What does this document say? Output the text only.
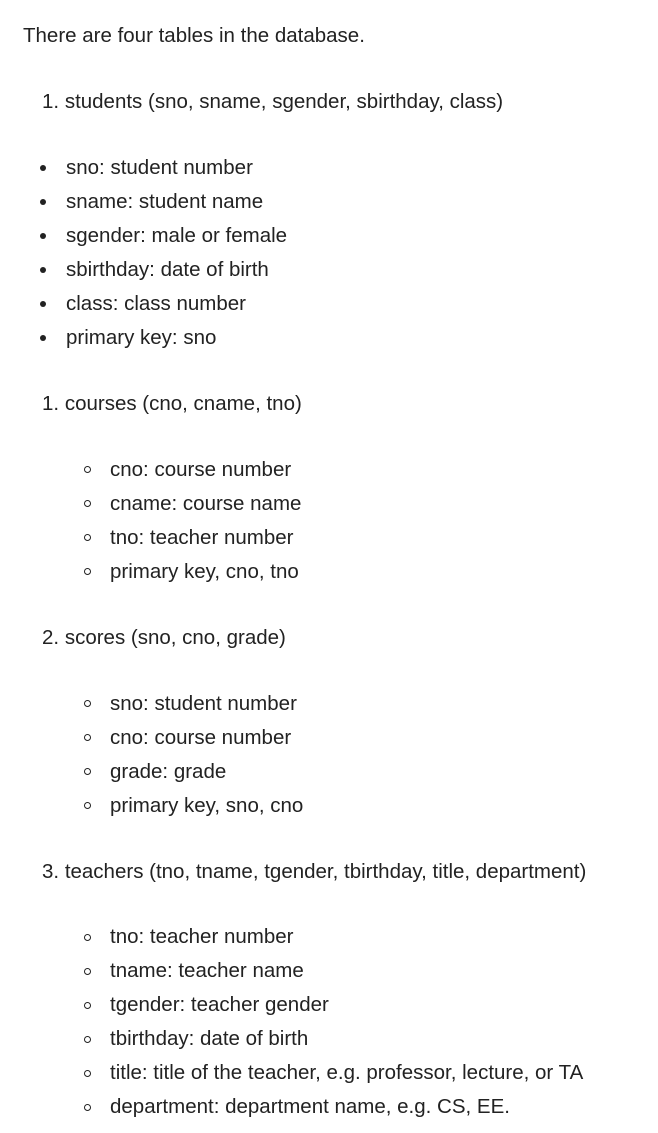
There are four tables in the database.
1. students (sno, sname, sgender, sbirthday, class)
sno: student number
sname: student name
sgender: male or female
sbirthday: date of birth
class: class number
primary key: sno
1. courses (cno, cname, tno)
cno: course number
cname: course name
tno: teacher number
primary key, cno, tno
2. scores (sno, cno, grade)
sno: student number
cno: course number
grade: grade
primary key, sno, cno
3. teachers (tno, tname, tgender, tbirthday, title, department)
tno: teacher number
tname: teacher name
tgender: teacher gender
tbirthday: date of birth
title: title of the teacher, e.g. professor, lecture, or TA
department: department name, e.g. CS, EE.
